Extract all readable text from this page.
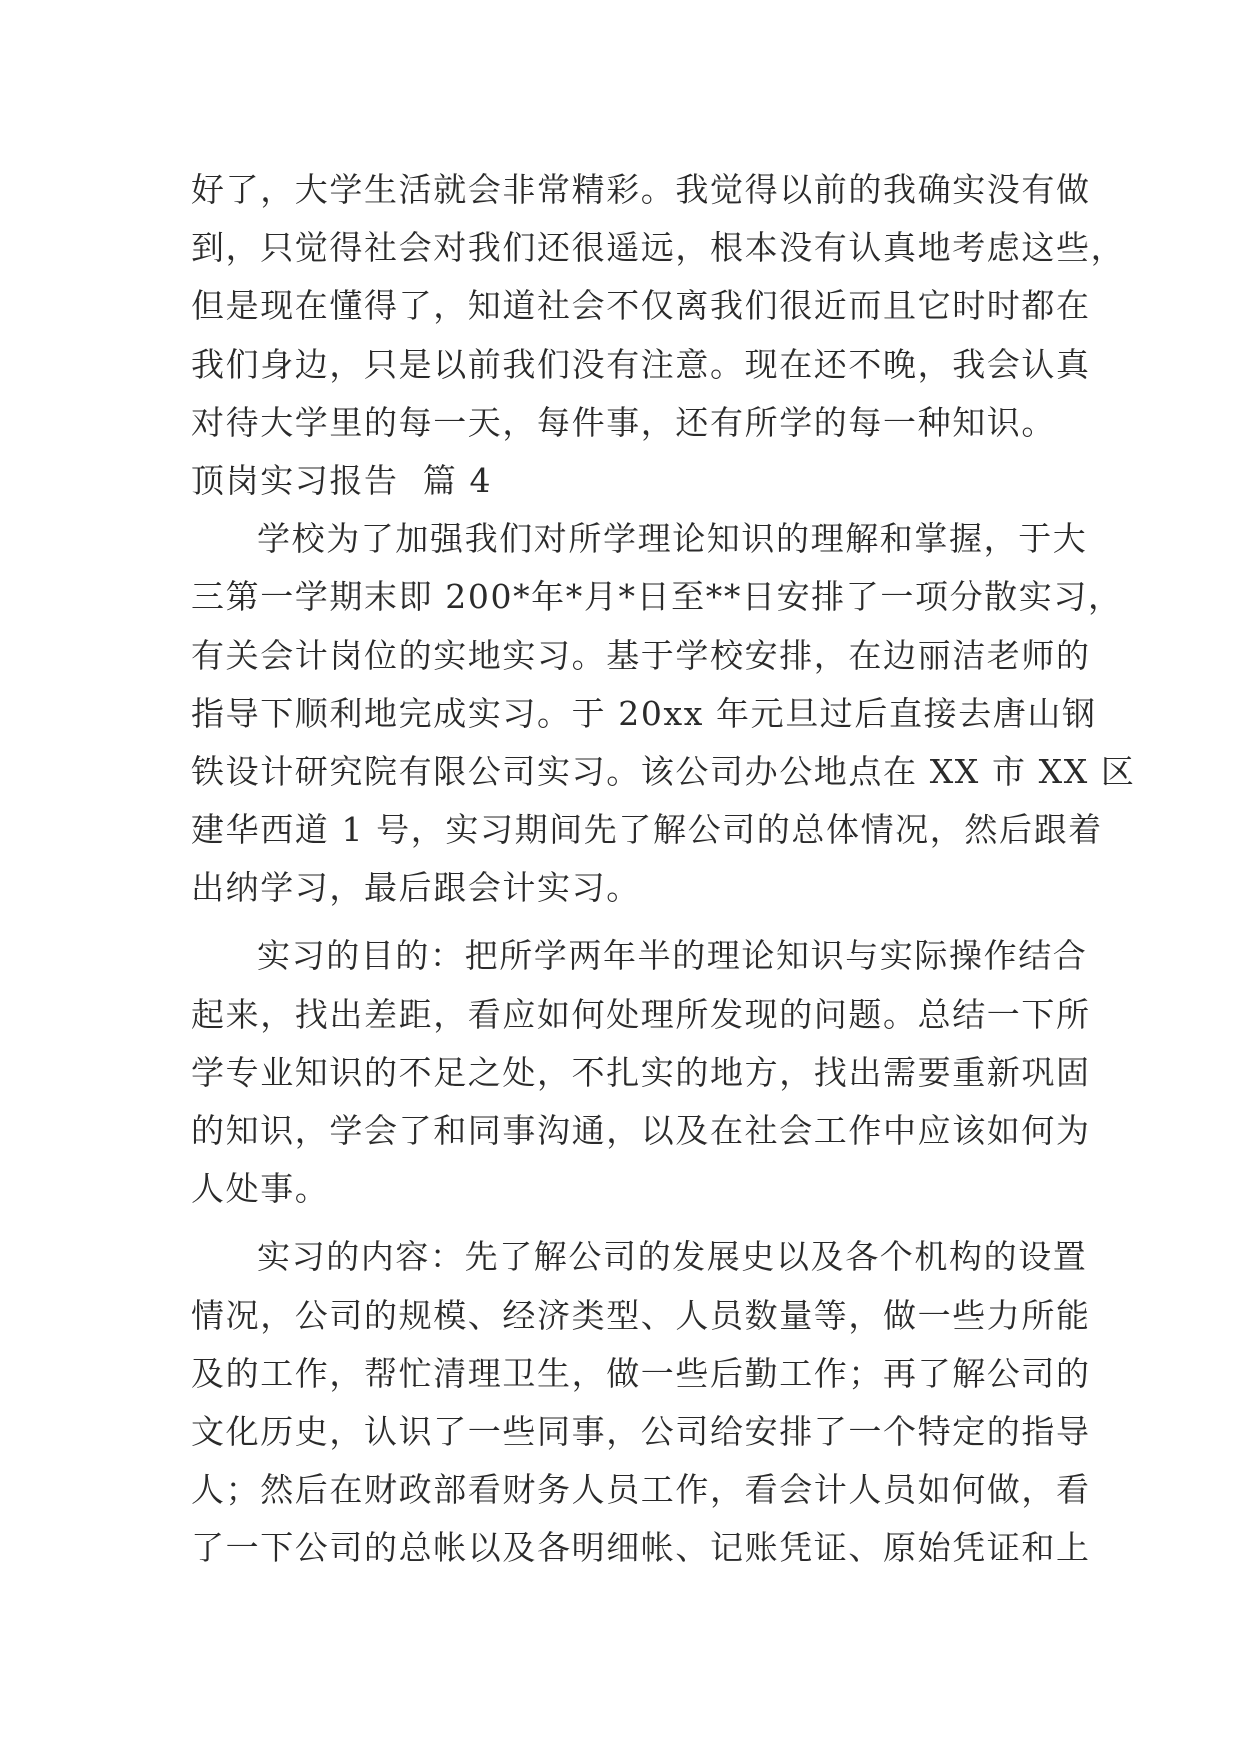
好了，大学生活就会非常精彩。我觉得以前的我确实没有做
到，只觉得社会对我们还很遥远，根本没有认真地考虑这些，
但是现在懂得了，知道社会不仅离我们很近而且它时时都在
我们身边，只是以前我们没有注意。现在还不晚，我会认真
对待大学里的每一天，每件事，还有所学的每一种知识。
顶岗实习报告  篇 4
学校为了加强我们对所学理论知识的理解和掌握，于大
三第一学期末即 200*年*月*日至**日安排了一项分散实习，
有关会计岗位的实地实习。基于学校安排，在边丽洁老师的
指导下顺利地完成实习。于 20xx 年元旦过后直接去唐山钢
铁设计研究院有限公司实习。该公司办公地点在 XX 市 XX 区
建华西道 1 号，实习期间先了解公司的总体情况，然后跟着
出纳学习，最后跟会计实习。
实习的目的：把所学两年半的理论知识与实际操作结合
起来，找出差距，看应如何处理所发现的问题。总结一下所
学专业知识的不足之处，不扎实的地方，找出需要重新巩固
的知识，学会了和同事沟通，以及在社会工作中应该如何为
人处事。
实习的内容：先了解公司的发展史以及各个机构的设置
情况，公司的规模、经济类型、人员数量等，做一些力所能
及的工作，帮忙清理卫生，做一些后勤工作；再了解公司的
文化历史，认识了一些同事，公司给安排了一个特定的指导
人；然后在财政部看财务人员工作，看会计人员如何做，看
了一下公司的总帐以及各明细帐、记账凭证、原始凭证和上
